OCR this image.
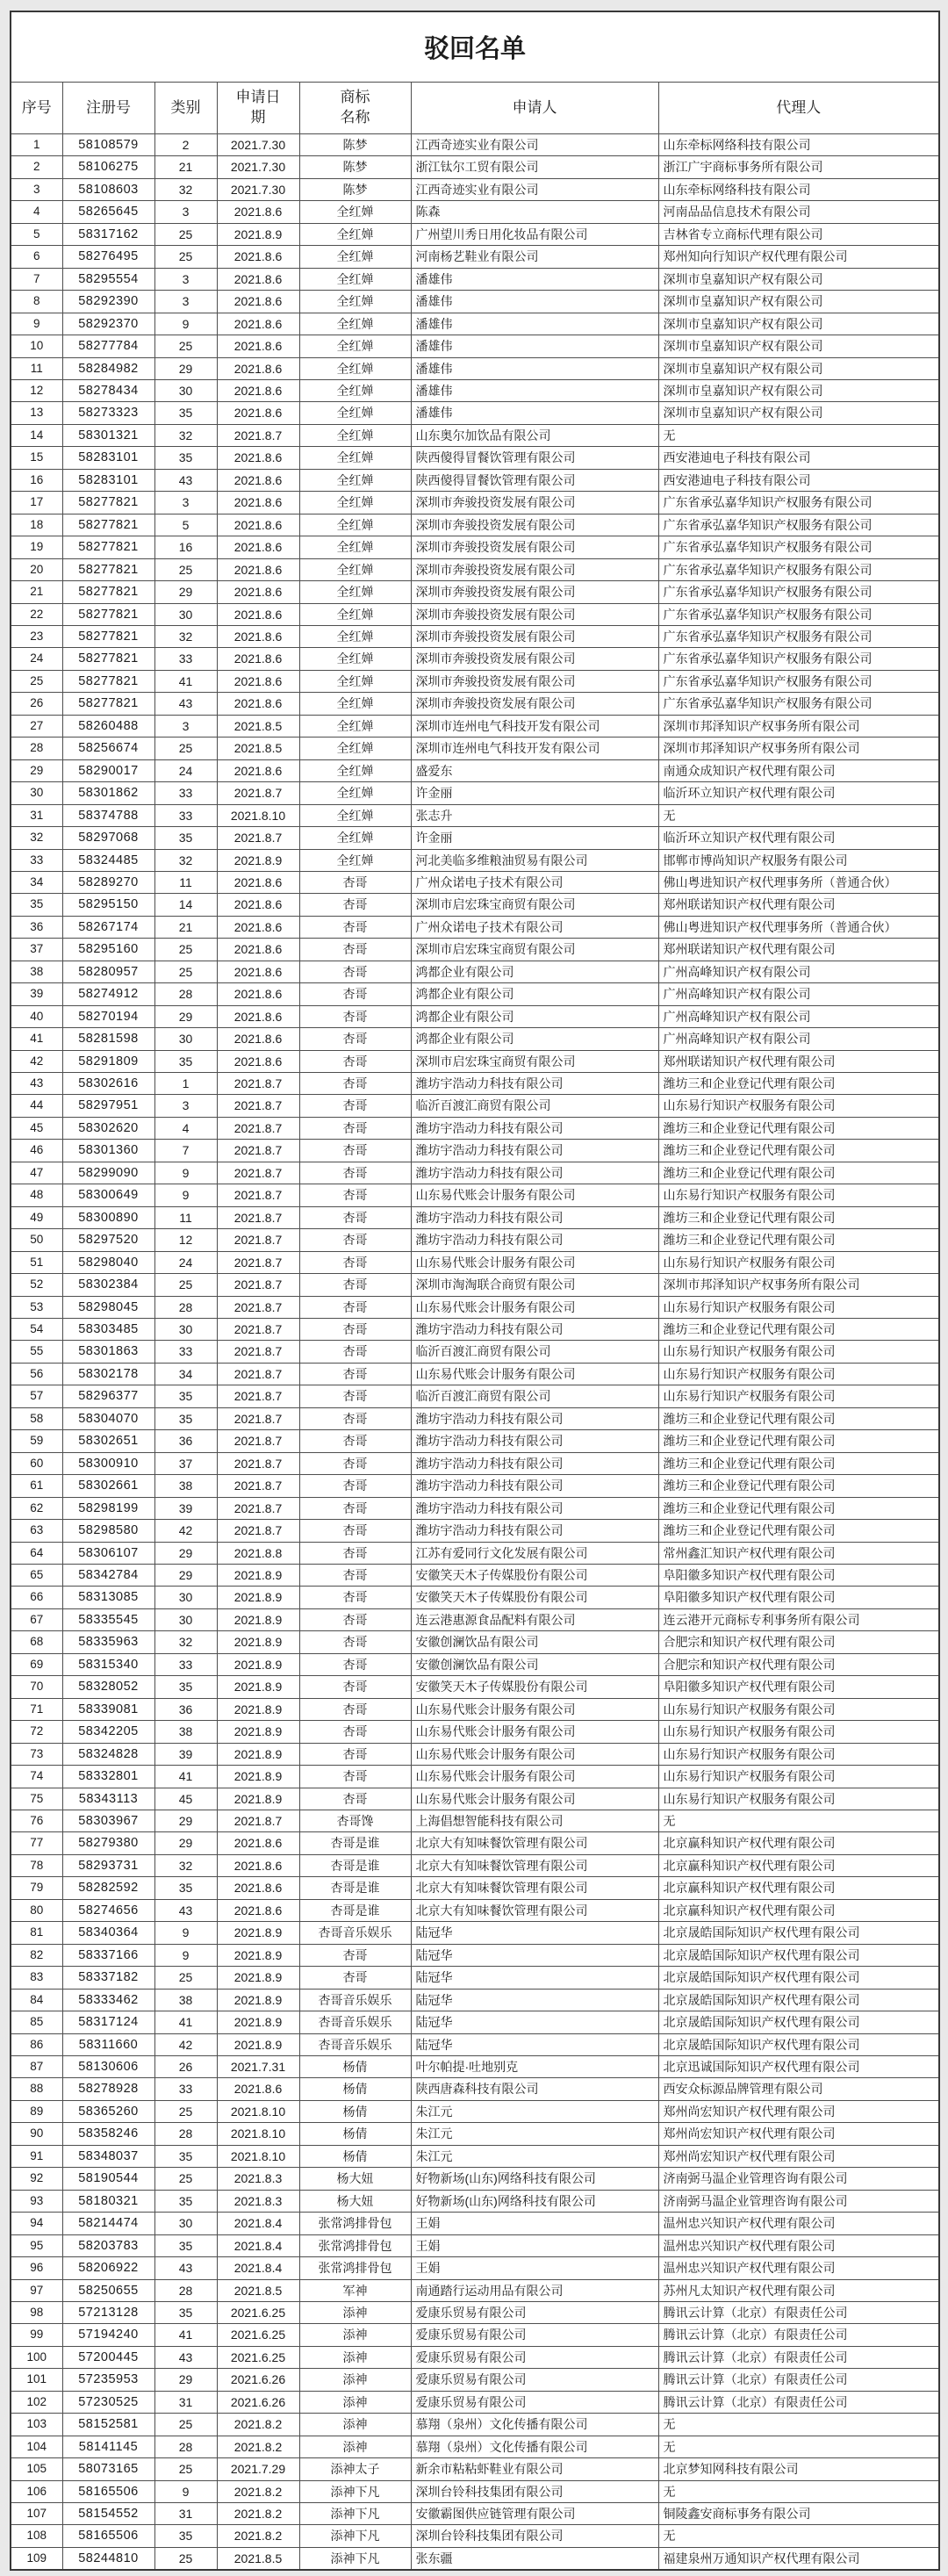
驳回名单						
序号	注册号	类别	申请日期	商标名称	申请人	代理人
1	58108579	2	2021.7.30	陈梦	江西奇迹实业有限公司	山东牵标网络科技有限公司
2	58106275	21	2021.7.30	陈梦	浙江钛尔工贸有限公司	浙江广宇商标事务所有限公司
3	58108603	32	2021.7.30	陈梦	江西奇迹实业有限公司	山东牵标网络科技有限公司
4	58265645	3	2021.8.6	全红婵	陈森	河南品品信息技术有限公司
5	58317162	25	2021.8.9	全红婵	广州望川秀日用化妆品有限公司	吉林省专立商标代理有限公司
6	58276495	25	2021.8.6	全红婵	河南杨艺鞋业有限公司	郑州知向行知识产权代理有限公司
7	58295554	3	2021.8.6	全红婵	潘雄伟	深圳市皇嘉知识产权有限公司
8	58292390	3	2021.8.6	全红婵	潘雄伟	深圳市皇嘉知识产权有限公司
9	58292370	9	2021.8.6	全红婵	潘雄伟	深圳市皇嘉知识产权有限公司
10	58277784	25	2021.8.6	全红婵	潘雄伟	深圳市皇嘉知识产权有限公司
11	58284982	29	2021.8.6	全红婵	潘雄伟	深圳市皇嘉知识产权有限公司
12	58278434	30	2021.8.6	全红婵	潘雄伟	深圳市皇嘉知识产权有限公司
13	58273323	35	2021.8.6	全红婵	潘雄伟	深圳市皇嘉知识产权有限公司
14	58301321	32	2021.8.7	全红婵	山东奥尔加饮品有限公司	无
15	58283101	35	2021.8.6	全红婵	陕西傻得冒餐饮管理有限公司	西安港迪电子科技有限公司
16	58283101	43	2021.8.6	全红婵	陕西傻得冒餐饮管理有限公司	西安港迪电子科技有限公司
17	58277821	3	2021.8.6	全红婵	深圳市奔骏投资发展有限公司	广东省承弘嘉华知识产权服务有限公司
18	58277821	5	2021.8.6	全红婵	深圳市奔骏投资发展有限公司	广东省承弘嘉华知识产权服务有限公司
19	58277821	16	2021.8.6	全红婵	深圳市奔骏投资发展有限公司	广东省承弘嘉华知识产权服务有限公司
20	58277821	25	2021.8.6	全红婵	深圳市奔骏投资发展有限公司	广东省承弘嘉华知识产权服务有限公司
21	58277821	29	2021.8.6	全红婵	深圳市奔骏投资发展有限公司	广东省承弘嘉华知识产权服务有限公司
22	58277821	30	2021.8.6	全红婵	深圳市奔骏投资发展有限公司	广东省承弘嘉华知识产权服务有限公司
23	58277821	32	2021.8.6	全红婵	深圳市奔骏投资发展有限公司	广东省承弘嘉华知识产权服务有限公司
24	58277821	33	2021.8.6	全红婵	深圳市奔骏投资发展有限公司	广东省承弘嘉华知识产权服务有限公司
25	58277821	41	2021.8.6	全红婵	深圳市奔骏投资发展有限公司	广东省承弘嘉华知识产权服务有限公司
26	58277821	43	2021.8.6	全红婵	深圳市奔骏投资发展有限公司	广东省承弘嘉华知识产权服务有限公司
27	58260488	3	2021.8.5	全红婵	深圳市连州电气科技开发有限公司	深圳市邦泽知识产权事务所有限公司
28	58256674	25	2021.8.5	全红婵	深圳市连州电气科技开发有限公司	深圳市邦泽知识产权事务所有限公司
29	58290017	24	2021.8.6	全红婵	盛爱东	南通众成知识产权代理有限公司
30	58301862	33	2021.8.7	全红婵	许金丽	临沂环立知识产权代理有限公司
31	58374788	33	2021.8.10	全红婵	张志升	无
32	58297068	35	2021.8.7	全红婵	许金丽	临沂环立知识产权代理有限公司
33	58324485	32	2021.8.9	全红婵	河北美临多维粮油贸易有限公司	邯郸市博尚知识产权服务有限公司
34	58289270	11	2021.8.6	杏哥	广州众诺电子技术有限公司	佛山粤进知识产权代理事务所（普通合伙）
35	58295150	14	2021.8.6	杏哥	深圳市启宏珠宝商贸有限公司	郑州联诺知识产权代理有限公司
36	58267174	21	2021.8.6	杏哥	广州众诺电子技术有限公司	佛山粤进知识产权代理事务所（普通合伙）
37	58295160	25	2021.8.6	杏哥	深圳市启宏珠宝商贸有限公司	郑州联诺知识产权代理有限公司
38	58280957	25	2021.8.6	杏哥	鸿都企业有限公司	广州高峰知识产权有限公司
39	58274912	28	2021.8.6	杏哥	鸿都企业有限公司	广州高峰知识产权有限公司
40	58270194	29	2021.8.6	杏哥	鸿都企业有限公司	广州高峰知识产权有限公司
41	58281598	30	2021.8.6	杏哥	鸿都企业有限公司	广州高峰知识产权有限公司
42	58291809	35	2021.8.6	杏哥	深圳市启宏珠宝商贸有限公司	郑州联诺知识产权代理有限公司
43	58302616	1	2021.8.7	杏哥	潍坊宇浩动力科技有限公司	潍坊三和企业登记代理有限公司
44	58297951	3	2021.8.7	杏哥	临沂百渡汇商贸有限公司	山东易行知识产权服务有限公司
45	58302620	4	2021.8.7	杏哥	潍坊宇浩动力科技有限公司	潍坊三和企业登记代理有限公司
46	58301360	7	2021.8.7	杏哥	潍坊宇浩动力科技有限公司	潍坊三和企业登记代理有限公司
47	58299090	9	2021.8.7	杏哥	潍坊宇浩动力科技有限公司	潍坊三和企业登记代理有限公司
48	58300649	9	2021.8.7	杏哥	山东易代账会计服务有限公司	山东易行知识产权服务有限公司
49	58300890	11	2021.8.7	杏哥	潍坊宇浩动力科技有限公司	潍坊三和企业登记代理有限公司
50	58297520	12	2021.8.7	杏哥	潍坊宇浩动力科技有限公司	潍坊三和企业登记代理有限公司
51	58298040	24	2021.8.7	杏哥	山东易代账会计服务有限公司	山东易行知识产权服务有限公司
52	58302384	25	2021.8.7	杏哥	深圳市淘淘联合商贸有限公司	深圳市邦泽知识产权事务所有限公司
53	58298045	28	2021.8.7	杏哥	山东易代账会计服务有限公司	山东易行知识产权服务有限公司
54	58303485	30	2021.8.7	杏哥	潍坊宇浩动力科技有限公司	潍坊三和企业登记代理有限公司
55	58301863	33	2021.8.7	杏哥	临沂百渡汇商贸有限公司	山东易行知识产权服务有限公司
56	58302178	34	2021.8.7	杏哥	山东易代账会计服务有限公司	山东易行知识产权服务有限公司
57	58296377	35	2021.8.7	杏哥	临沂百渡汇商贸有限公司	山东易行知识产权服务有限公司
58	58304070	35	2021.8.7	杏哥	潍坊宇浩动力科技有限公司	潍坊三和企业登记代理有限公司
59	58302651	36	2021.8.7	杏哥	潍坊宇浩动力科技有限公司	潍坊三和企业登记代理有限公司
60	58300910	37	2021.8.7	杏哥	潍坊宇浩动力科技有限公司	潍坊三和企业登记代理有限公司
61	58302661	38	2021.8.7	杏哥	潍坊宇浩动力科技有限公司	潍坊三和企业登记代理有限公司
62	58298199	39	2021.8.7	杏哥	潍坊宇浩动力科技有限公司	潍坊三和企业登记代理有限公司
63	58298580	42	2021.8.7	杏哥	潍坊宇浩动力科技有限公司	潍坊三和企业登记代理有限公司
64	58306107	29	2021.8.8	杏哥	江苏有爱同行文化发展有限公司	常州鑫汇知识产权代理有限公司
65	58342784	29	2021.8.9	杏哥	安徽笑天木子传媒股份有限公司	阜阳徽多知识产权代理有限公司
66	58313085	30	2021.8.9	杏哥	安徽笑天木子传媒股份有限公司	阜阳徽多知识产权代理有限公司
67	58335545	30	2021.8.9	杏哥	连云港惠源食品配料有限公司	连云港开元商标专利事务所有限公司
68	58335963	32	2021.8.9	杏哥	安徽创澜饮品有限公司	合肥宗和知识产权代理有限公司
69	58315340	33	2021.8.9	杏哥	安徽创澜饮品有限公司	合肥宗和知识产权代理有限公司
70	58328052	35	2021.8.9	杏哥	安徽笑天木子传媒股份有限公司	阜阳徽多知识产权代理有限公司
71	58339081	36	2021.8.9	杏哥	山东易代账会计服务有限公司	山东易行知识产权服务有限公司
72	58342205	38	2021.8.9	杏哥	山东易代账会计服务有限公司	山东易行知识产权服务有限公司
73	58324828	39	2021.8.9	杏哥	山东易代账会计服务有限公司	山东易行知识产权服务有限公司
74	58332801	41	2021.8.9	杏哥	山东易代账会计服务有限公司	山东易行知识产权服务有限公司
75	58343113	45	2021.8.9	杏哥	山东易代账会计服务有限公司	山东易行知识产权服务有限公司
76	58303967	29	2021.8.7	杏哥馋	上海倡想智能科技有限公司	无
77	58279380	29	2021.8.6	杏哥是谁	北京大有知味餐饮管理有限公司	北京赢科知识产权代理有限公司
78	58293731	32	2021.8.6	杏哥是谁	北京大有知味餐饮管理有限公司	北京赢科知识产权代理有限公司
79	58282592	35	2021.8.6	杏哥是谁	北京大有知味餐饮管理有限公司	北京赢科知识产权代理有限公司
80	58274656	43	2021.8.6	杏哥是谁	北京大有知味餐饮管理有限公司	北京赢科知识产权代理有限公司
81	58340364	9	2021.8.9	杏哥音乐娱乐	陆冠华	北京晟皓国际知识产权代理有限公司
82	58337166	9	2021.8.9	杏哥	陆冠华	北京晟皓国际知识产权代理有限公司
83	58337182	25	2021.8.9	杏哥	陆冠华	北京晟皓国际知识产权代理有限公司
84	58333462	38	2021.8.9	杏哥音乐娱乐	陆冠华	北京晟皓国际知识产权代理有限公司
85	58317124	41	2021.8.9	杏哥音乐娱乐	陆冠华	北京晟皓国际知识产权代理有限公司
86	58311660	42	2021.8.9	杏哥音乐娱乐	陆冠华	北京晟皓国际知识产权代理有限公司
87	58130606	26	2021.7.31	杨倩	叶尔帕提·吐地别克	北京迅诚国际知识产权代理有限公司
88	58278928	33	2021.8.6	杨倩	陕西唐森科技有限公司	西安众标源品牌管理有限公司
89	58365260	25	2021.8.10	杨倩	朱江元	郑州尚宏知识产权代理有限公司
90	58358246	28	2021.8.10	杨倩	朱江元	郑州尚宏知识产权代理有限公司
91	58348037	35	2021.8.10	杨倩	朱江元	郑州尚宏知识产权代理有限公司
92	58190544	25	2021.8.3	杨大妞	好物新场(山东)网络科技有限公司	济南弼马温企业管理咨询有限公司
93	58180321	35	2021.8.3	杨大妞	好物新场(山东)网络科技有限公司	济南弼马温企业管理咨询有限公司
94	58214474	30	2021.8.4	张常鸿排骨包	王娟	温州忠兴知识产权代理有限公司
95	58203783	35	2021.8.4	张常鸿排骨包	王娟	温州忠兴知识产权代理有限公司
96	58206922	43	2021.8.4	张常鸿排骨包	王娟	温州忠兴知识产权代理有限公司
97	58250655	28	2021.8.5	军神	南通踏行运动用品有限公司	苏州凡太知识产权代理有限公司
98	57213128	35	2021.6.25	添神	爱康乐贸易有限公司	腾讯云计算（北京）有限责任公司
99	57194240	41	2021.6.25	添神	爱康乐贸易有限公司	腾讯云计算（北京）有限责任公司
100	57200445	43	2021.6.25	添神	爱康乐贸易有限公司	腾讯云计算（北京）有限责任公司
101	57235953	29	2021.6.26	添神	爱康乐贸易有限公司	腾讯云计算（北京）有限责任公司
102	57230525	31	2021.6.26	添神	爱康乐贸易有限公司	腾讯云计算（北京）有限责任公司
103	58152581	25	2021.8.2	添神	慕翔（泉州）文化传播有限公司	无
104	58141145	28	2021.8.2	添神	慕翔（泉州）文化传播有限公司	无
105	58073165	25	2021.7.29	添神太子	新余市粘粘虾鞋业有限公司	北京梦知网科技有限公司
106	58165506	9	2021.8.2	添神下凡	深圳台铃科技集团有限公司	无
107	58154552	31	2021.8.2	添神下凡	安徽霸图供应链管理有限公司	铜陵鑫安商标事务有限公司
108	58165506	35	2021.8.2	添神下凡	深圳台铃科技集团有限公司	无
109	58244810	25	2021.8.5	添神下凡	张东疆	福建泉州万通知识产权代理有限公司
